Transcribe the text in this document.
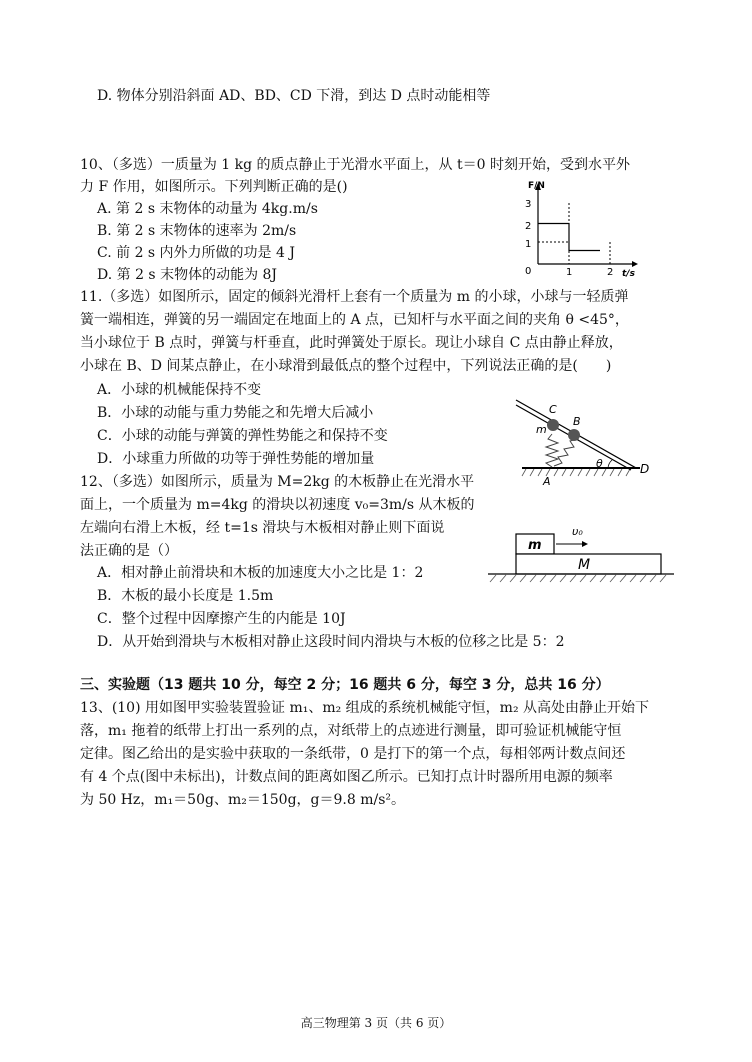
D. 物体分别沿斜面 AD、BD、CD 下滑，到达 D 点时动能相等
10、（多选）一质量为 1 kg 的质点静止于光滑水平面上，从 t＝0 时刻开始，受到水平外
力 F 作用，如图所示。下列判断正确的是()
A. 第 2 s 末物体的动量为 4kg.m/s
B. 第 2 s 末物体的速率为 2m/s
C. 前 2 s 内外力所做的功是 4 J
D. 第 2 s 末物体的动能为 8J
F/N
t/s
3
2
1
0	1	2
11.（多选）如图所示，固定的倾斜光滑杆上套有一个质量为 m 的小球，小球与一轻质弹
簧一端相连，弹簧的另一端固定在地面上的 A 点，已知杆与水平面之间的夹角 θ <45°，
当小球位于 B 点时，弹簧与杆垂直，此时弹簧处于原长。现让小球自 C 点由静止释放，
小球在 B、D 间某点静止，在小球滑到最低点的整个过程中，下列说法正确的是(　　)
A．小球的机械能保持不变
B．小球的动能与重力势能之和先增大后减小
C．小球的动能与弹簧的弹性势能之和保持不变
D．小球重力所做的功等于弹性势能的增加量
C
B
m
θ	D
A
12、（多选）如图所示，质量为 M=2kg 的木板静止在光滑水平
面上，一个质量为 m=4kg 的滑块以初速度 v₀=3m/s 从木板的
左端向右滑上木板，经 t=1s 滑块与木板相对静止则下面说
法正确的是（）
A．相对静止前滑块和木板的加速度大小之比是 1：2
B．木板的最小长度是 1.5m
C．整个过程中因摩擦产生的内能是 10J
D．从开始到滑块与木板相对静止这段时间内滑块与木板的位移之比是 5：2
m
υ₀
M
三、实验题（13 题共 10 分，每空 2 分；16 题共 6 分，每空 3 分，总共 16 分）
13、(10) 用如图甲实验装置验证 m₁、m₂ 组成的系统机械能守恒，m₂ 从高处由静止开始下
落，m₁ 拖着的纸带上打出一系列的点，对纸带上的点迹进行测量，即可验证机械能守恒
定律。图乙给出的是实验中获取的一条纸带，0 是打下的第一个点，每相邻两计数点间还
有 4 个点(图中未标出)，计数点间的距离如图乙所示。已知打点计时器所用电源的频率
为 50 Hz，m₁＝50g、m₂＝150g，g＝9.8 m/s²。
高三物理第 3 页（共 6 页）
